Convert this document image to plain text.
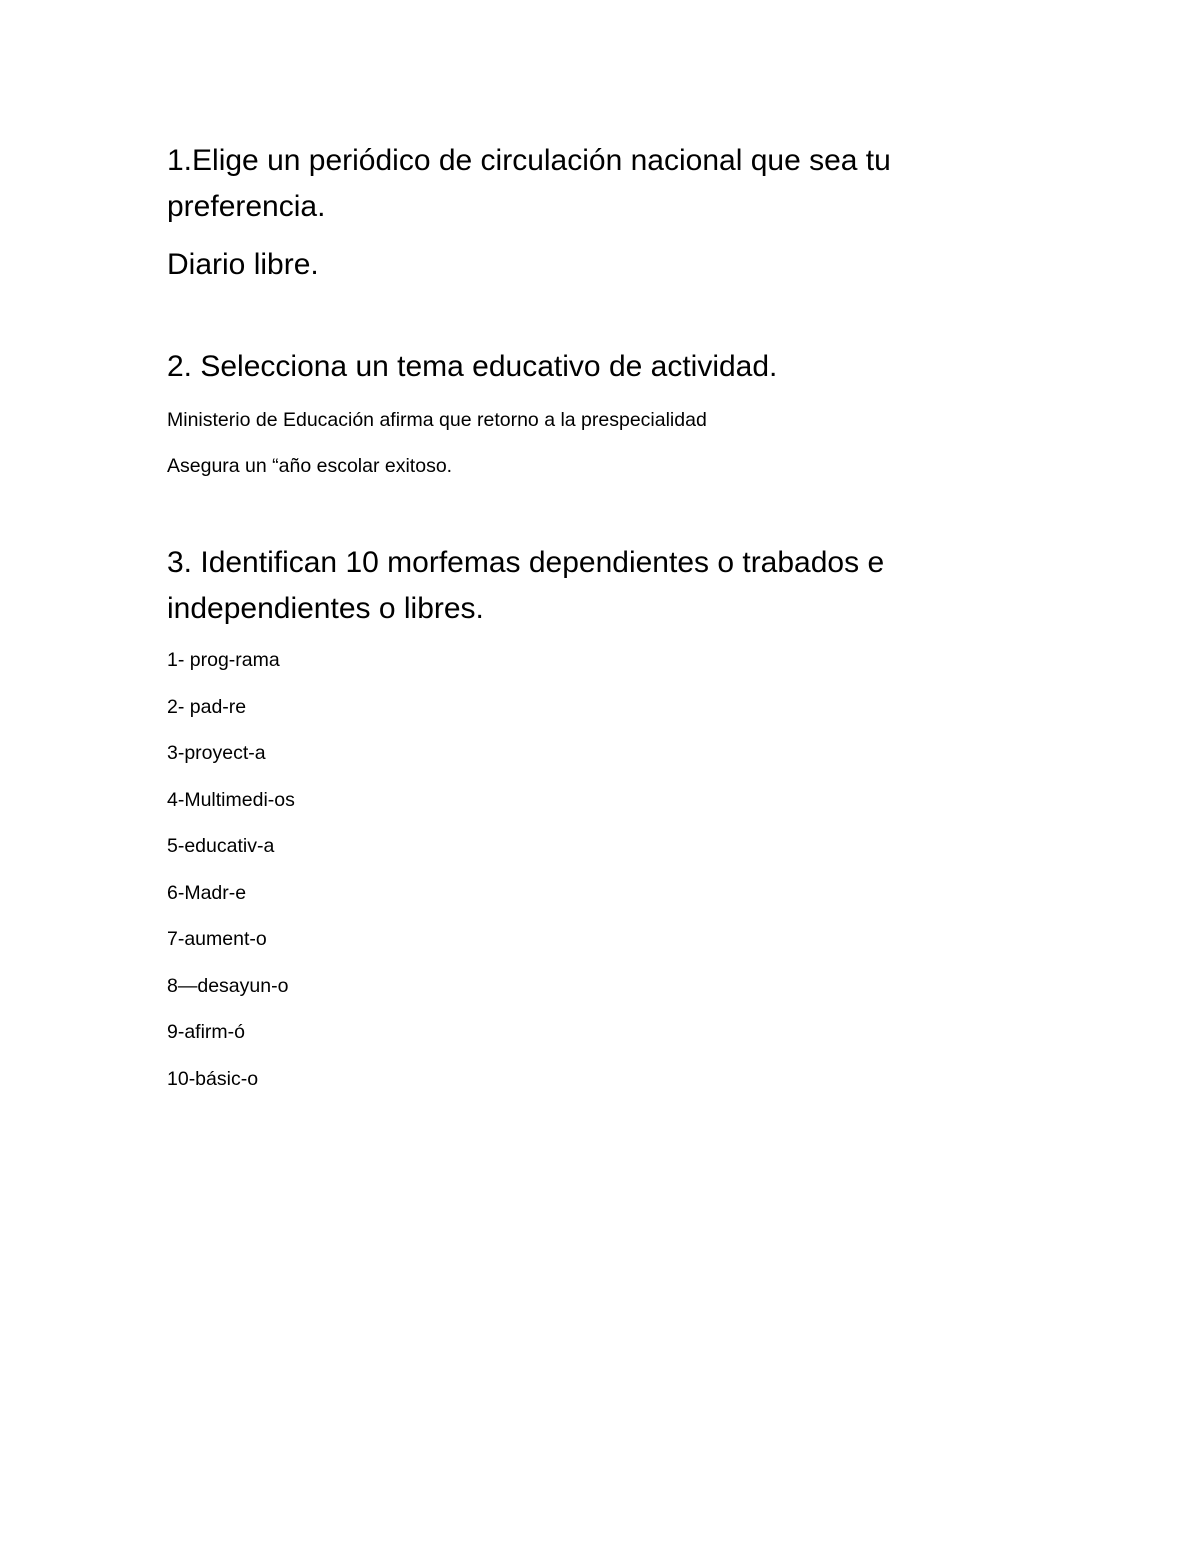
1.Elige un periódico de circulación nacional que sea tu preferencia.

Diario libre.

2. Selecciona un tema educativo de actividad.

Ministerio de Educación afirma que retorno a la prespecialidad

Asegura un “año escolar exitoso.

3. Identifican 10 morfemas dependientes o trabados e independientes o libres.

1- prog-rama
2- pad-re
3-proyect-a
4-Multimedi-os
5-educativ-a
6-Madr-e
7-aument-o
8—desayun-o
9-afirm-ó
10-básic-o
